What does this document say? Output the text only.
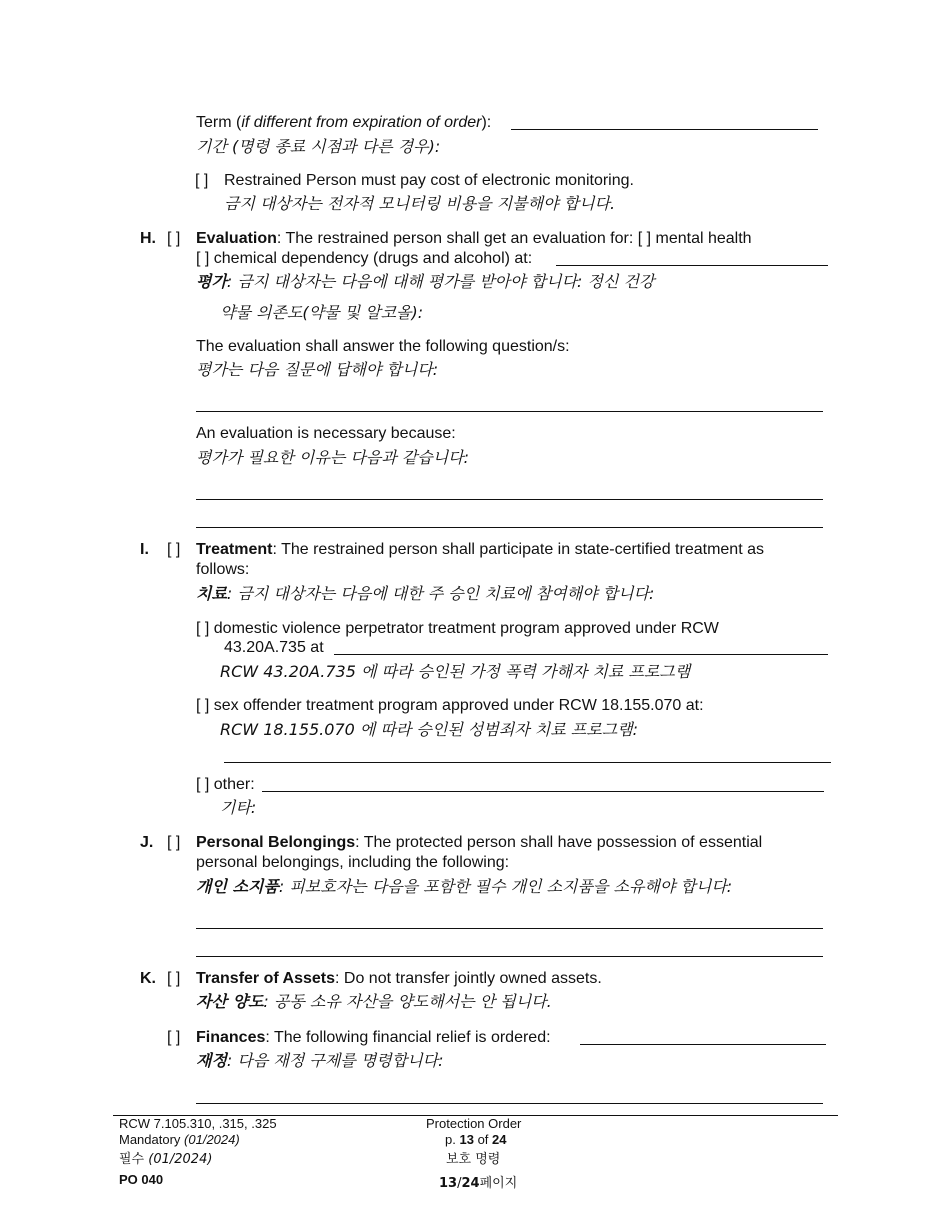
Term (if different from expiration of order):
기간 (명령 종료 시점과 다른 경우):
[ ] Restrained Person must pay cost of electronic monitoring.
금지 대상자는 전자적 모니터링 비용을 지불해야 합니다.
H. [ ] Evaluation: The restrained person shall get an evaluation for: [ ] mental health
[ ] chemical dependency (drugs and alcohol) at:
평가: 금지 대상자는 다음에 대해 평가를 받아야 합니다: 정신 건강
약물 의존도(약물 및 알코올):
The evaluation shall answer the following question/s:
평가는 다음 질문에 답해야 합니다:
An evaluation is necessary because:
평가가 필요한 이유는 다음과 같습니다:
I. [ ] Treatment: The restrained person shall participate in state-certified treatment as
follows:
치료: 금지 대상자는 다음에 대한 주 승인 치료에 참여해야 합니다:
[ ] domestic violence perpetrator treatment program approved under RCW
43.20A.735 at
RCW 43.20A.735 에 따라 승인된 가정 폭력 가해자 치료 프로그램
[ ] sex offender treatment program approved under RCW 18.155.070 at:
RCW 18.155.070 에 따라 승인된 성범죄자 치료 프로그램:
[ ] other:
기타:
J. [ ] Personal Belongings: The protected person shall have possession of essential
personal belongings, including the following:
개인 소지품: 피보호자는 다음을 포함한 필수 개인 소지품을 소유해야 합니다:
K. [ ] Transfer of Assets: Do not transfer jointly owned assets.
자산 양도: 공동 소유 자산을 양도해서는 안 됩니다.
[ ] Finances: The following financial relief is ordered:
재정: 다음 재정 구제를 명령합니다:
RCW 7.105.310, .315, .325
Mandatory (01/2024)
필수 (01/2024)
PO 040
Protection Order
p. 13 of 24
보호 명령
13/24페이지
